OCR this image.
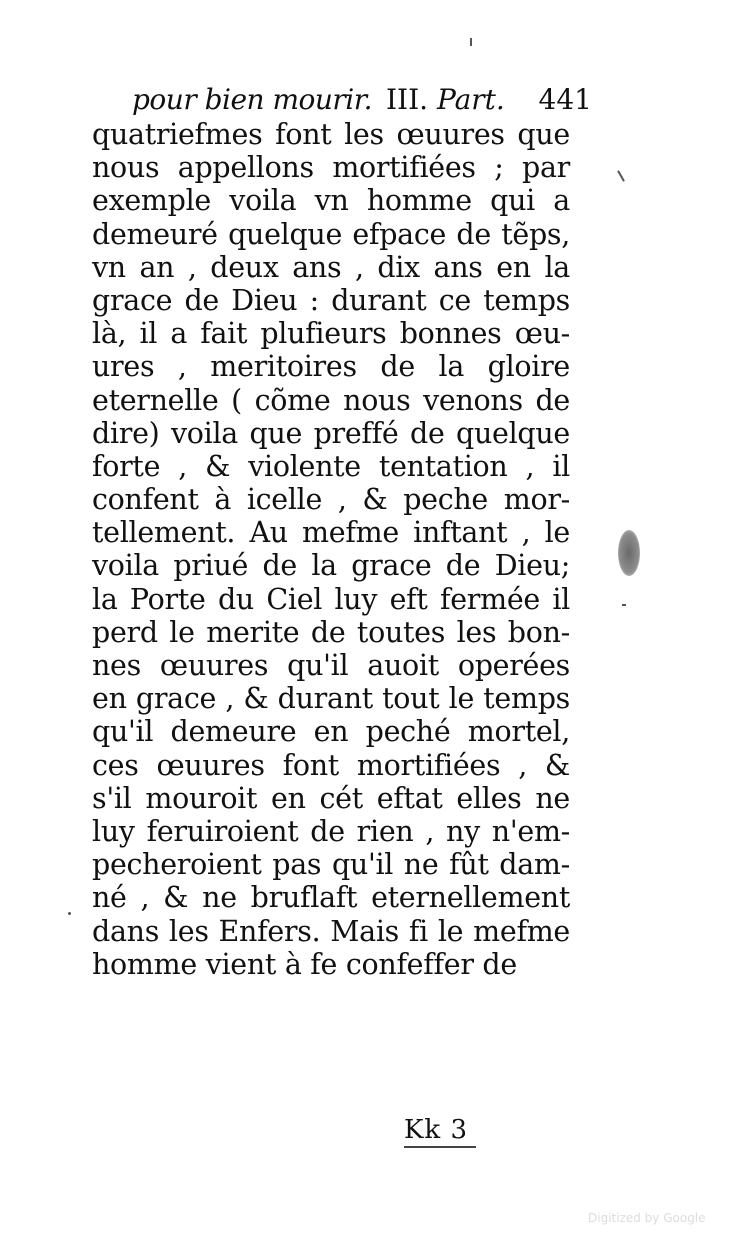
pour bien mourir. III. Part. 441
quatriefmes font les œuures que
nous appellons mortifiées ; par
exemple voila vn homme qui a
demeuré quelque efpace de tẽps,
vn an , deux ans , dix ans en la
grace de Dieu : durant ce temps
là, il a fait plufieurs bonnes œu-
ures , meritoires de la gloire
eternelle ( cõme nous venons de
dire) voila que preffé de quelque
forte , & violente tentation , il
confent à icelle , & peche mor-
tellement. Au mefme inftant , le
voila priué de la grace de Dieu;
la Porte du Ciel luy eft fermée il
perd le merite de toutes les bon-
nes œuures qu'il auoit operées
en grace , & durant tout le temps
qu'il demeure en peché mortel,
ces œuures font mortifiées , &
s'il mouroit en cét eftat elles ne
luy feruiroient de rien , ny n'em-
pecheroient pas qu'il ne fût dam-
né , & ne bruflaft eternellement
dans les Enfers. Mais fi le mefme
homme vient à fe confeffer de
Kk 3
Digitized by Google
